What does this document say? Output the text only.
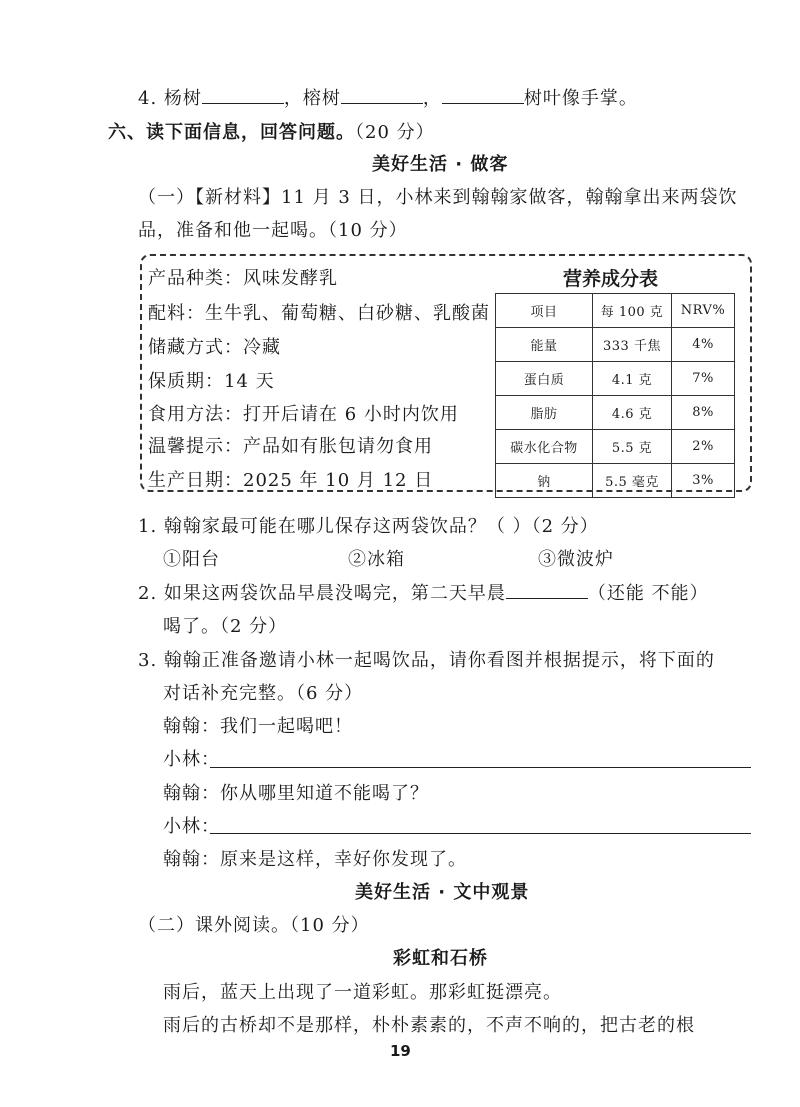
4. 杨树	，榕树	，	树叶像手掌。
六、读下面信息，回答问题。（20 分）
美好生活 · 做客
（一）【新材料】11 月 3 日，小林来到翰翰家做客，翰翰拿出来两袋饮
品，准备和他一起喝。（10 分）
产品种类：风味发酵乳
配料：生牛乳、葡萄糖、白砂糖、乳酸菌
储藏方式：冷藏
保质期：14 天
食用方法：打开后请在 6 小时内饮用
温馨提示：产品如有胀包请勿食用
生产日期：2025 年 10 月 12 日
营养成分表
项目	每 100 克	NRV%
能量	333 千焦	4%
蛋白质	4.1 克	7%
脂肪	4.6 克	8%
碳水化合物	5.5 克	2%
钠	5.5 毫克	3%
1. 翰翰家最可能在哪儿保存这两袋饮品？（ ）（2 分）
①阳台	②冰箱	③微波炉
2. 如果这两袋饮品早晨没喝完，第二天早晨	（还能 不能）
喝了。（2 分）
3. 翰翰正准备邀请小林一起喝饮品，请你看图并根据提示，将下面的
对话补充完整。（6 分）
翰翰：我们一起喝吧！
小林：
翰翰：你从哪里知道不能喝了？
小林：
翰翰：原来是这样，幸好你发现了。
美好生活 · 文中观景
（二）课外阅读。（10 分）
彩虹和石桥
雨后，蓝天上出现了一道彩虹。那彩虹挺漂亮。
雨后的古桥却不是那样，朴朴素素的，不声不响的，把古老的根
19
